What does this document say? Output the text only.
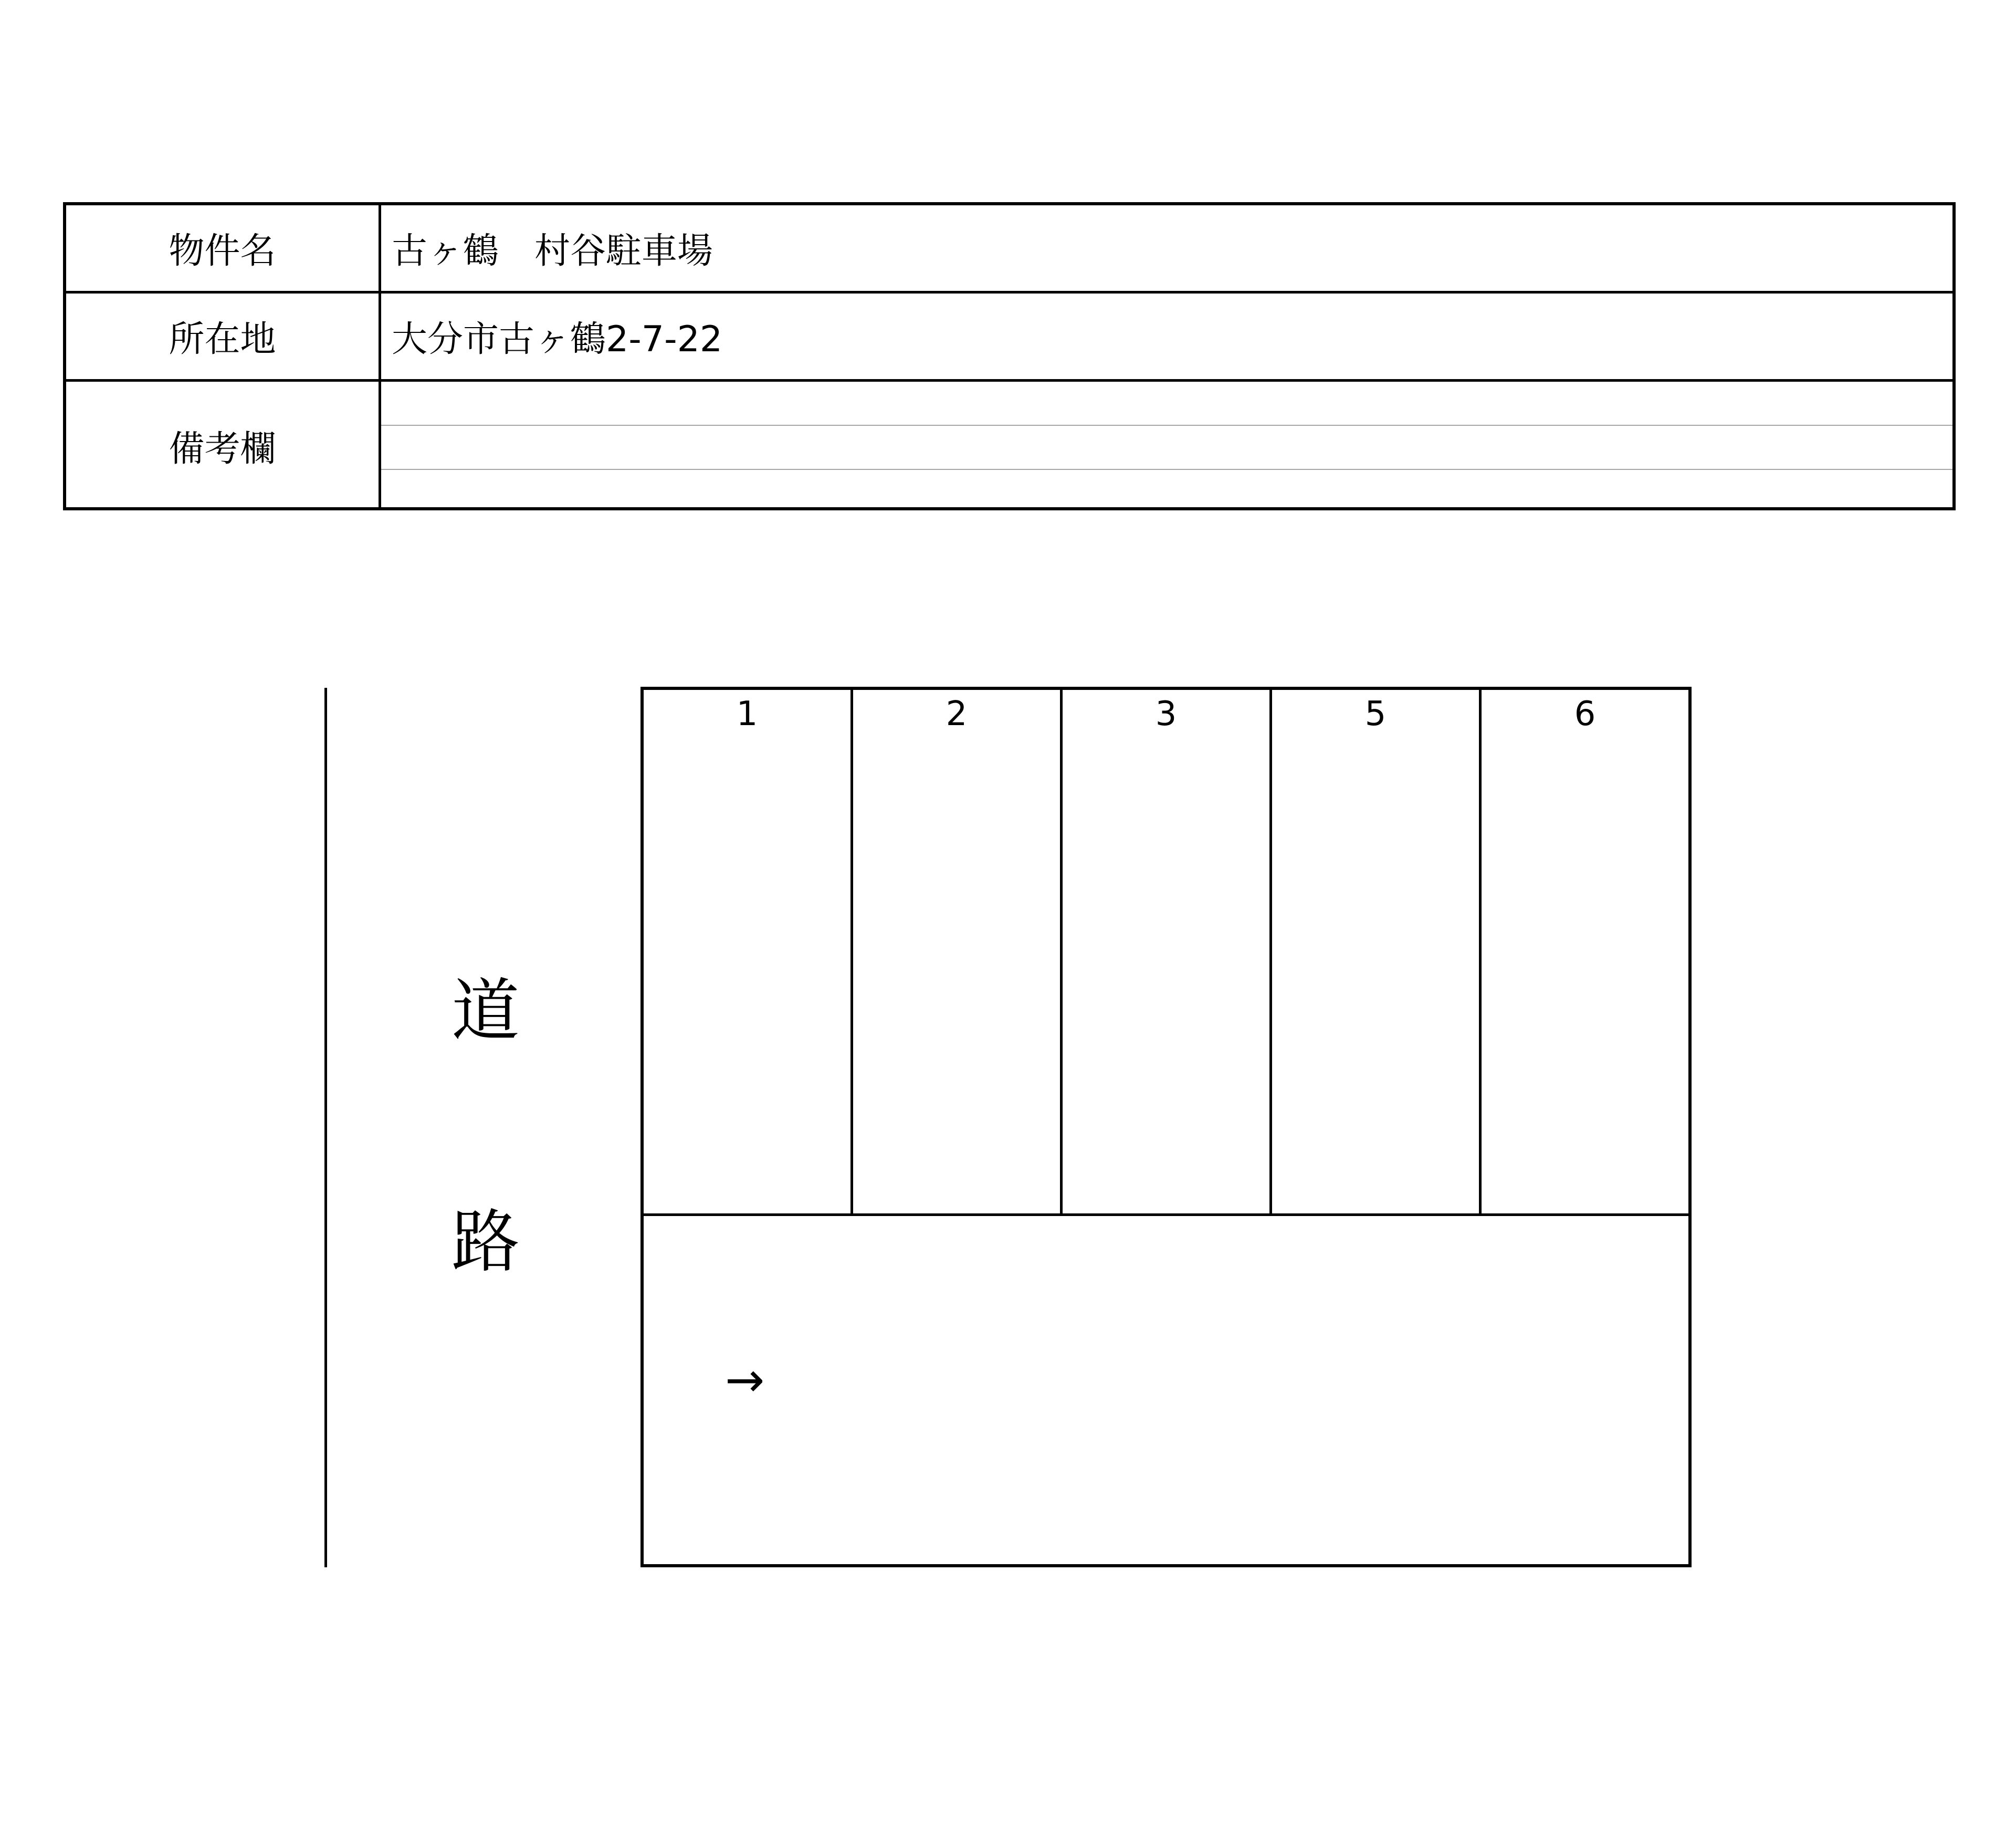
物件名	古ヶ鶴　村谷駐車場
所在地	大分市古ヶ鶴2-7-22
備考欄
道
路
1	2	3	5	6
→
